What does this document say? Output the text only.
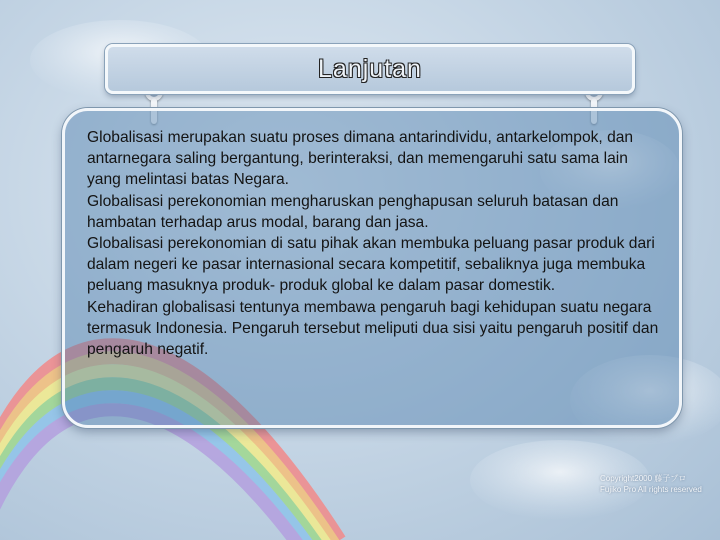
Lanjutan

Globalisasi merupakan suatu proses dimana antarindividu, antarkelompok, dan antarnegara saling bergantung, berinteraksi, dan memengaruhi satu sama lain yang melintasi batas Negara.

Globalisasi perekonomian mengharuskan penghapusan seluruh batasan dan hambatan terhadap arus modal, barang dan jasa.

Globalisasi perekonomian di satu pihak akan membuka peluang pasar produk dari dalam negeri ke pasar internasional secara kompetitif, sebaliknya juga membuka peluang masuknya produk- produk global ke dalam pasar domestik.

Kehadiran globalisasi tentunya membawa pengaruh bagi kehidupan suatu negara termasuk Indonesia. Pengaruh tersebut meliputi dua sisi yaitu pengaruh positif dan pengaruh negatif.

Copyright2000 藤子プロ
Fujiko Pro All rights reserved
